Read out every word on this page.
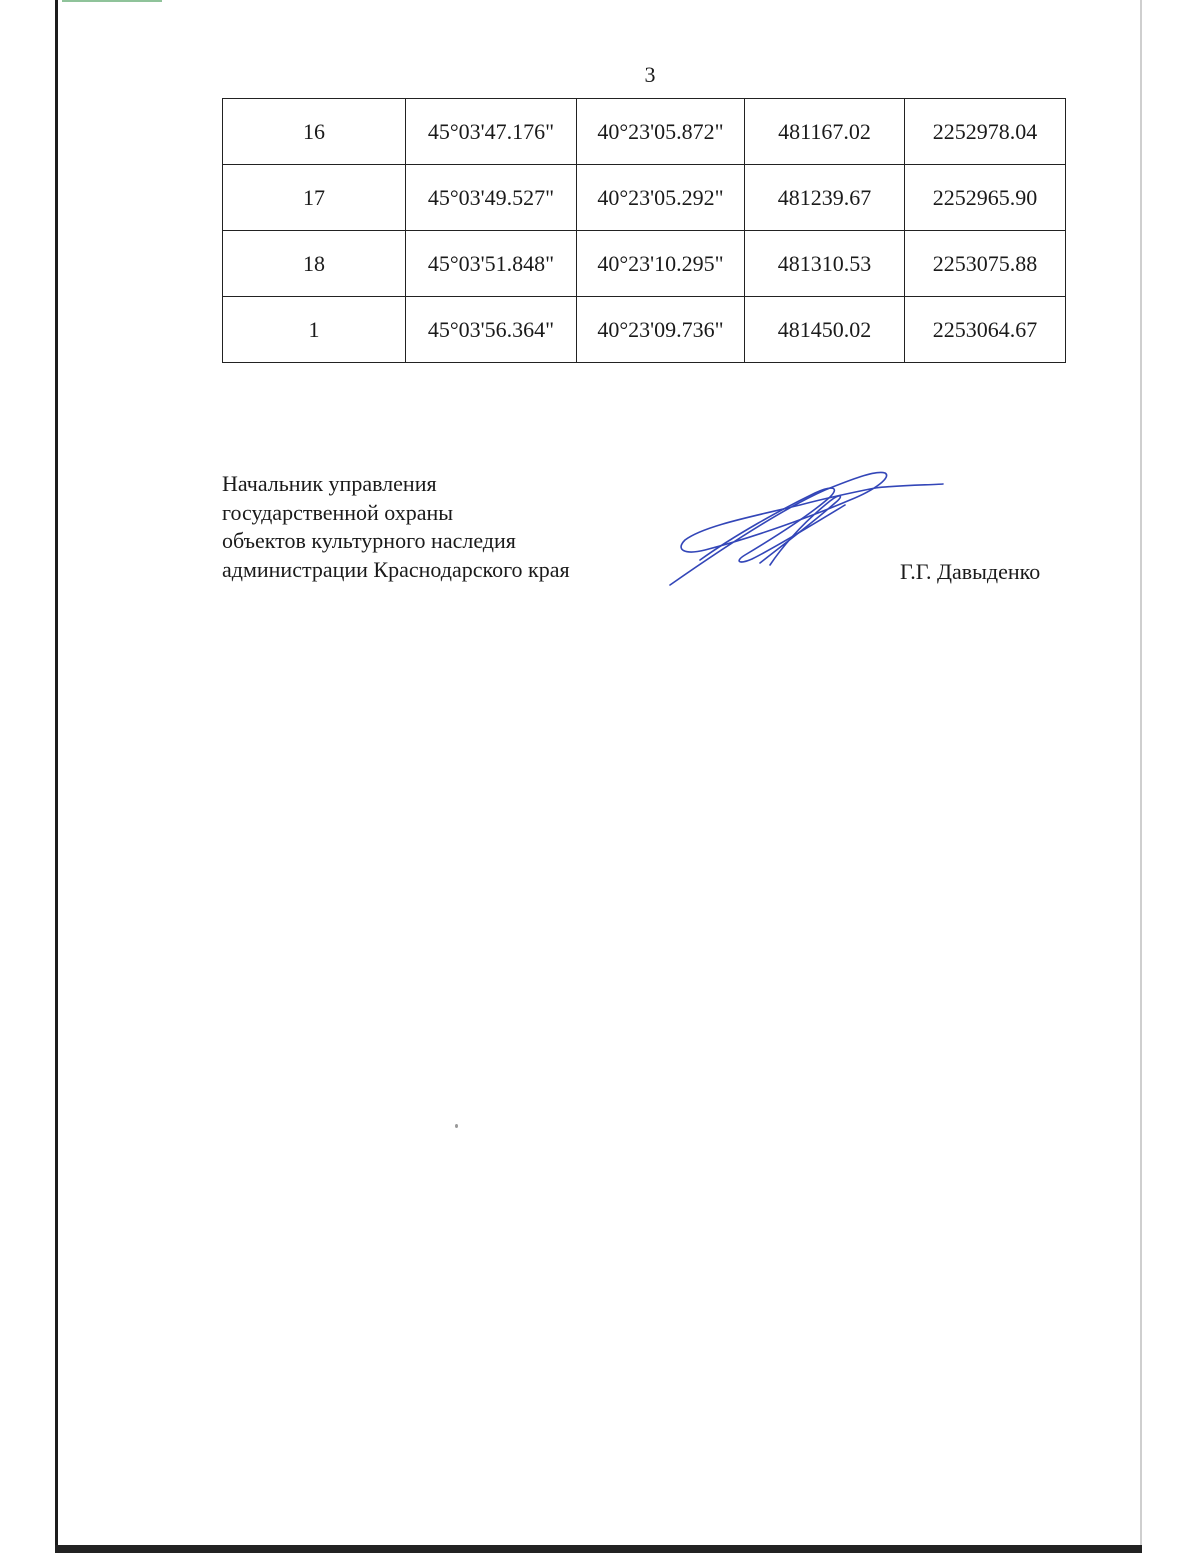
3
16	45°03'47.176"	40°23'05.872"	481167.02	2252978.04
17	45°03'49.527"	40°23'05.292"	481239.67	2252965.90
18	45°03'51.848"	40°23'10.295"	481310.53	2253075.88
1	45°03'56.364"	40°23'09.736"	481450.02	2253064.67
Начальник управления
государственной охраны
объектов культурного наследия
администрации Краснодарского края	Г.Г. Давыденко
